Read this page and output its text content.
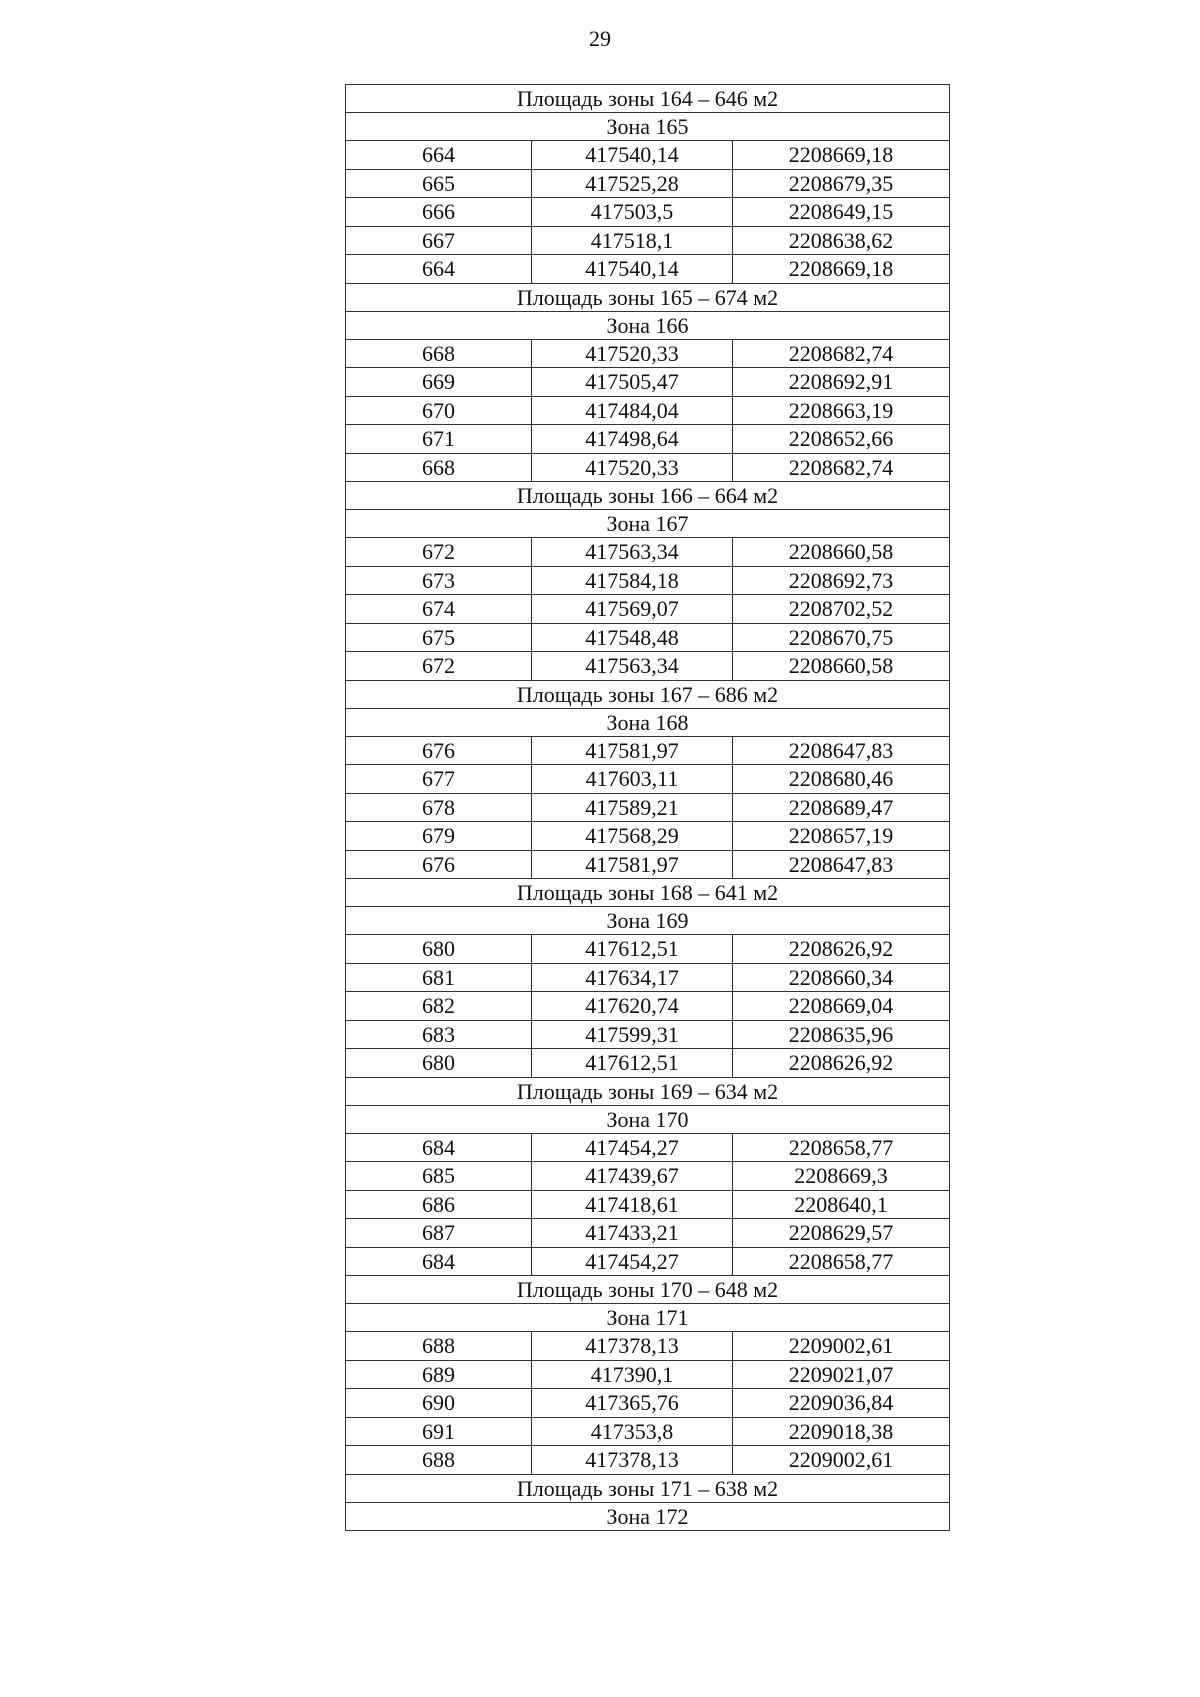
29
Площадь зоны 164 – 646 м2		
Зона 165		
664	417540,14	2208669,18
665	417525,28	2208679,35
666	417503,5	2208649,15
667	417518,1	2208638,62
664	417540,14	2208669,18
Площадь зоны 165 – 674 м2		
Зона 166		
668	417520,33	2208682,74
669	417505,47	2208692,91
670	417484,04	2208663,19
671	417498,64	2208652,66
668	417520,33	2208682,74
Площадь зоны 166 – 664 м2		
Зона 167		
672	417563,34	2208660,58
673	417584,18	2208692,73
674	417569,07	2208702,52
675	417548,48	2208670,75
672	417563,34	2208660,58
Площадь зоны 167 – 686 м2		
Зона 168		
676	417581,97	2208647,83
677	417603,11	2208680,46
678	417589,21	2208689,47
679	417568,29	2208657,19
676	417581,97	2208647,83
Площадь зоны 168 – 641 м2		
Зона 169		
680	417612,51	2208626,92
681	417634,17	2208660,34
682	417620,74	2208669,04
683	417599,31	2208635,96
680	417612,51	2208626,92
Площадь зоны 169 – 634 м2		
Зона 170		
684	417454,27	2208658,77
685	417439,67	2208669,3
686	417418,61	2208640,1
687	417433,21	2208629,57
684	417454,27	2208658,77
Площадь зоны 170 – 648 м2		
Зона 171		
688	417378,13	2209002,61
689	417390,1	2209021,07
690	417365,76	2209036,84
691	417353,8	2209018,38
688	417378,13	2209002,61
Площадь зоны 171 – 638 м2		
Зона 172		
